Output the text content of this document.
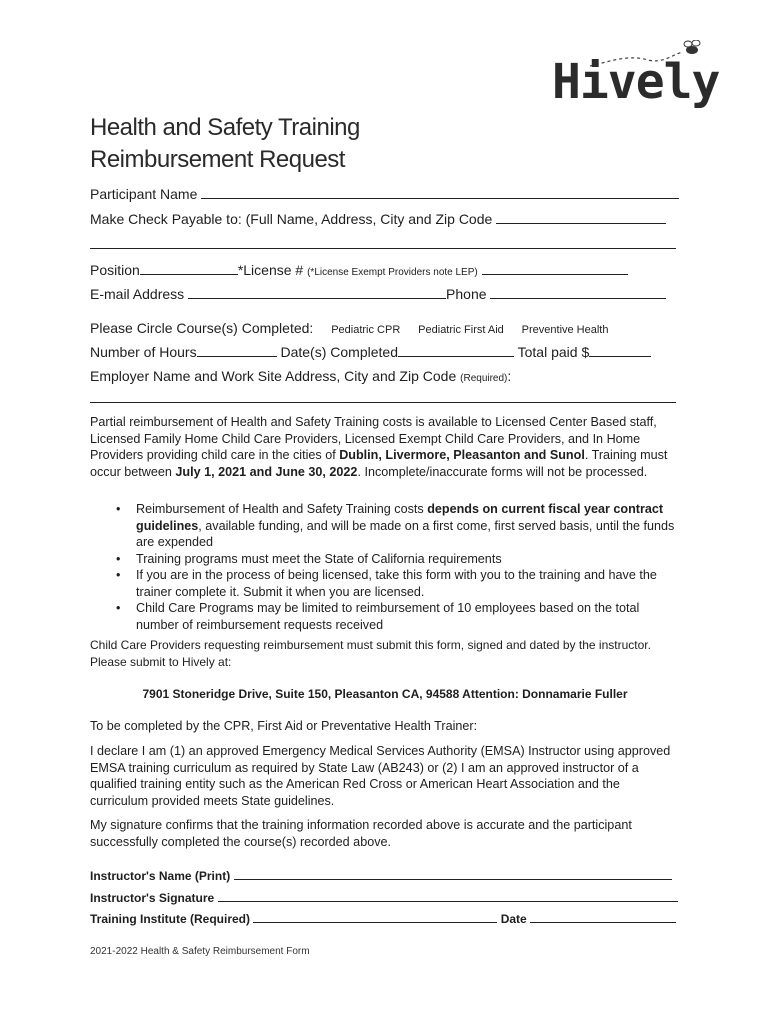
Hively
Health and Safety Training
Reimbursement Request
Participant Name
Make Check Payable to: (Full Name, Address, City and Zip Code
Position	*License # (*License Exempt Providers note LEP)
E-mail Address	Phone
Please Circle Course(s) Completed: Pediatric CPR Pediatric First Aid Preventive Health
Number of Hours	Date(s) Completed	Total paid $
Employer Name and Work Site Address, City and Zip Code (Required):
Partial reimbursement of Health and Safety Training costs is available to Licensed Center Based staff, Licensed Family Home Child Care Providers, Licensed Exempt Child Care Providers, and In Home Providers providing child care in the cities of Dublin, Livermore, Pleasanton and Sunol. Training must occur between July 1, 2021 and June 30, 2022. Incomplete/inaccurate forms will not be processed.
• Reimbursement of Health and Safety Training costs depends on current fiscal year contract guidelines, available funding, and will be made on a first come, first served basis, until the funds are expended
• Training programs must meet the State of California requirements
• If you are in the process of being licensed, take this form with you to the training and have the trainer complete it. Submit it when you are licensed.
• Child Care Programs may be limited to reimbursement of 10 employees based on the total number of reimbursement requests received
Child Care Providers requesting reimbursement must submit this form, signed and dated by the instructor. Please submit to Hively at:
7901 Stoneridge Drive, Suite 150, Pleasanton CA, 94588 Attention: Donnamarie Fuller
To be completed by the CPR, First Aid or Preventative Health Trainer:
I declare I am (1) an approved Emergency Medical Services Authority (EMSA) Instructor using approved EMSA training curriculum as required by State Law (AB243) or (2) I am an approved instructor of a qualified training entity such as the American Red Cross or American Heart Association and the curriculum provided meets State guidelines.
My signature confirms that the training information recorded above is accurate and the participant successfully completed the course(s) recorded above.
Instructor's Name (Print)
Instructor's Signature
Training Institute (Required)	Date
2021-2022 Health & Safety Reimbursement Form
